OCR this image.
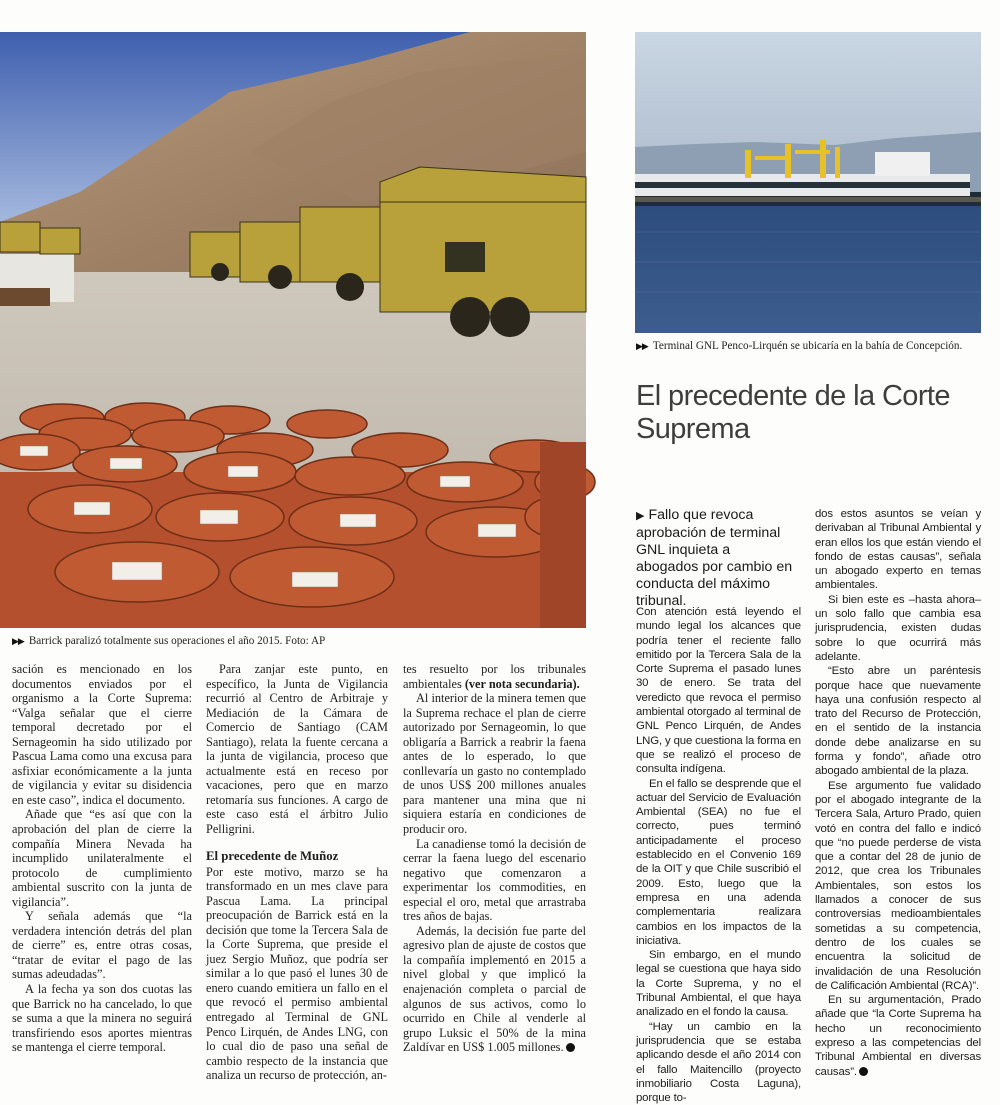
▶▶ Barrick paralizó totalmente sus operaciones el año 2015. Foto: AP
▶▶ Terminal GNL Penco-Lirquén se ubicaría en la bahía de Concepción.
El precedente de la Corte Suprema

sación es mencionado en los documentos enviados por el organismo a la Corte Suprema: “Valga señalar que el cierre temporal decretado por el Sernageomin ha sido utilizado por Pascua Lama como una excusa para asfixiar económicamente a la junta de vigilancia y evitar su disidencia en este caso”, indica el documento.

Añade que “es así que con la aprobación del plan de cierre la compañía Minera Nevada ha incumplido unilateralmente el protocolo de cumplimiento ambiental suscrito con la junta de vigilancia”.

Y señala además que “la verdadera intención detrás del plan de cierre” es, entre otras cosas, “tratar de evitar el pago de las sumas adeudadas”.

A la fecha ya son dos cuotas las que Barrick no ha cancelado, lo que se suma a que la minera no seguirá transfiriendo esos aportes mientras se mantenga el cierre temporal.

Para zanjar este punto, en específico, la Junta de Vigilancia recurrió al Centro de Arbitraje y Mediación de la Cámara de Comercio de Santiago (CAM Santiago), relata la fuente cercana a la junta de vigilancia, proceso que actualmente está en receso por vacaciones, pero que en marzo retomaría sus funciones. A cargo de este caso está el árbitro Julio Pelligrini.

El precedente de Muñoz

Por este motivo, marzo se ha transformado en un mes clave para Pascua Lama. La principal preocupación de Barrick está en la decisión que tome la Tercera Sala de la Corte Suprema, que preside el juez Sergio Muñoz, que podría ser similar a lo que pasó el lunes 30 de enero cuando emitiera un fallo en el que revocó el permiso ambiental entregado al Terminal de GNL Penco Lirquén, de Andes LNG, con lo cual dio de paso una señal de cambio respecto de la instancia que analiza un recurso de protección, an-

tes resuelto por los tribunales ambientales (ver nota secundaria).

Al interior de la minera temen que la Suprema rechace el plan de cierre autorizado por Sernageomin, lo que obligaría a Barrick a reabrir la faena antes de lo esperado, lo que conllevaría un gasto no contemplado de unos US$ 200 millones anuales para mantener una mina que ni siquiera estaría en condiciones de producir oro.

La canadiense tomó la decisión de cerrar la faena luego del escenario negativo que comenzaron a experimentar los commodities, en especial el oro, metal que arrastraba tres años de bajas.

Además, la decisión fue parte del agresivo plan de ajuste de costos que la compañía implementó en 2015 a nivel global y que implicó la enajenación completa o parcial de algunos de sus activos, como lo ocurrido en Chile al venderle al grupo Luksic el 50% de la mina Zaldívar en US$ 1.005 millones.

▶ Fallo que revoca aprobación de terminal GNL inquieta a abogados por cambio en conducta del máximo tribunal.

Con atención está leyendo el mundo legal los alcances que podría tener el reciente fallo emitido por la Tercera Sala de la Corte Suprema el pasado lunes 30 de enero. Se trata del veredicto que revoca el permiso ambiental otorgado al terminal de GNL Penco Lirquén, de Andes LNG, y que cuestiona la forma en que se realizó el proceso de consulta indígena.

En el fallo se desprende que el actuar del Servicio de Evaluación Ambiental (SEA) no fue el correcto, pues terminó anticipadamente el proceso establecido en el Convenio 169 de la OIT y que Chile suscribió el 2009. Esto, luego que la empresa en una adenda complementaria realizara cambios en los impactos de la iniciativa.

Sin embargo, en el mundo legal se cuestiona que haya sido la Corte Suprema, y no el Tribunal Ambiental, el que haya analizado en el fondo la causa.

“Hay un cambio en la jurisprudencia que se estaba aplicando desde el año 2014 con el fallo Maitencillo (proyecto inmobiliario Costa Laguna), porque to-

dos estos asuntos se veían y derivaban al Tribunal Ambiental y eran ellos los que están viendo el fondo de estas causas”, señala un abogado experto en temas ambientales.

Si bien este es –hasta ahora– un solo fallo que cambia esa jurisprudencia, existen dudas sobre lo que ocurrirá más adelante.

“Esto abre un paréntesis porque hace que nuevamente haya una confusión respecto al trato del Recurso de Protección, en el sentido de la instancia donde debe analizarse en su forma y fondo”, añade otro abogado ambiental de la plaza.

Ese argumento fue validado por el abogado integrante de la Tercera Sala, Arturo Prado, quien votó en contra del fallo e indicó que “no puede perderse de vista que a contar del 28 de junio de 2012, que crea los Tribunales Ambientales, son estos los llamados a conocer de sus controversias medioambientales sometidas a su competencia, dentro de los cuales se encuentra la solicitud de invalidación de una Resolución de Calificación Ambiental (RCA)”.

En su argumentación, Prado añade que “la Corte Suprema ha hecho un reconocimiento expreso a las competencias del Tribunal Ambiental en diversas causas”.
